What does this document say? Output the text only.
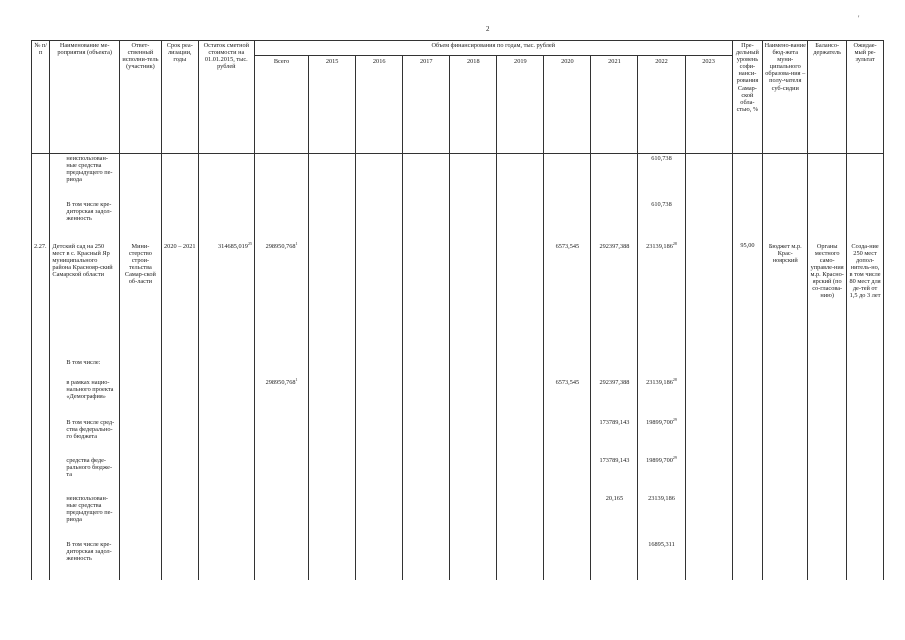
2
'
№ п/п	Наименование ме-роприятия (объекта)	Ответ-ственный исполни-тель (участник)	Срок реа-лизации, годы	Остаток сметной стоимости на 01.01.2015, тыс. рублей	Объем финансирования по годам, тыс. рублей										Пре-дельный уровень софи-нанси-рования Самар-ской обла-стью, %	Наимено-вание бюд-жета муни-ципального образова-ния – полу-чателя суб-сидии	Балансо-держатель	Ожидае-мый ре-зультат
					Всего	2015	2016	2017	2018	2019	2020	2021	2022	2023				
	неиспользован-ные средства предыдущего пе-риода												610,738					
	В том числе кре-диторская задол-женность												610,738					
2.27.	Детский сад на 250 мест в с. Красный Яр муниципального района Краснояр-ский Самарской области	Мини-стерство строи-тельства Самар-ской об-ласти	2020 – 2021	314685,019$^{25}$	298950,768$^1$						6573,545	292397,388	23139,186$^{28}$		95,00	Бюджет м.р. Крас-ноярский	Органы местного само-управле-ния м.р. Красно-ярский (по со-гласова-нию)	Созда-ние 250 мест допол-нитель-но, в том числе 80 мест для де-тей от 1,5 до 3 лет
	В том числе:																	
	в рамках нацио-нального проекта «Демография»				298950,768$^1$						6573,545	292397,388	23139,186$^{28}$					
	В том числе сред-ства федерально-го бюджета											173789,143	19899,700$^{29}$					
	средства феде-рального бюдже-та											173789,143	19899,700$^{29}$					
	неиспользован-ные средства предыдущего пе-риода											20,165	23139,186					
	В том числе кре-диторская задол-женность												16895,311					
